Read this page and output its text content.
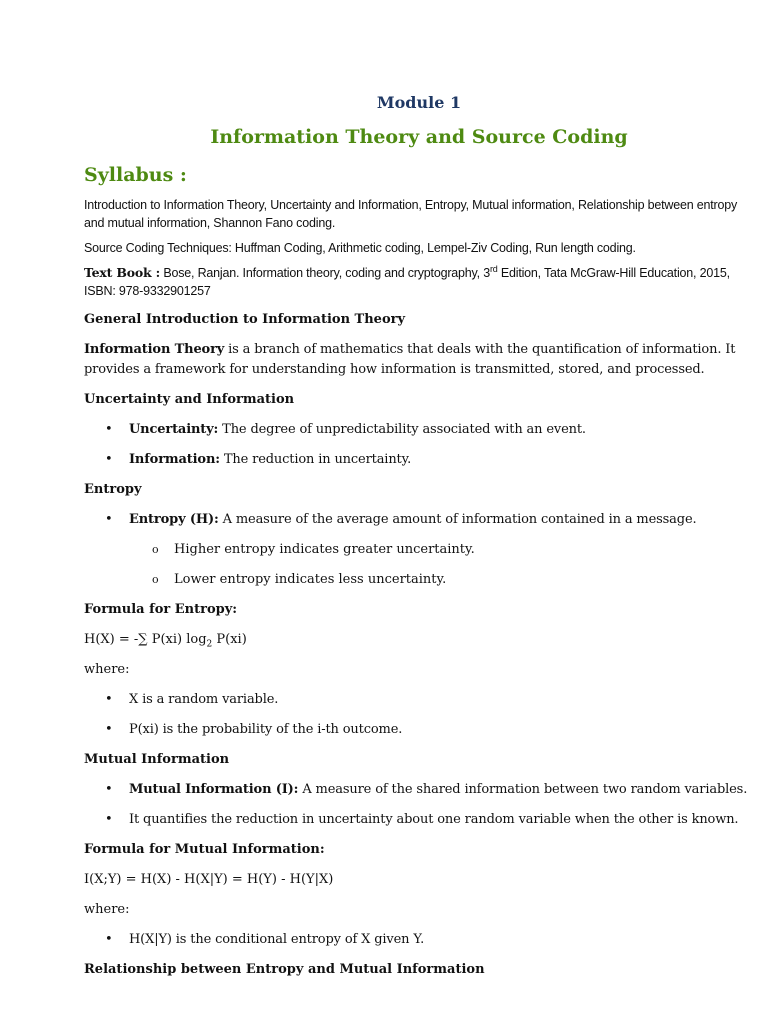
Module 1
Information Theory and Source Coding
Syllabus :

Introduction to Information Theory, Uncertainty and Information, Entropy, Mutual information, Relationship between entropy and mutual information, Shannon Fano coding.

Source Coding Techniques: Huffman Coding, Arithmetic coding, Lempel-Ziv Coding, Run length coding.

Text Book : Bose, Ranjan. Information theory, coding and cryptography, 3rd Edition, Tata McGraw-Hill Education, 2015, ISBN: 978-9332901257

General Introduction to Information Theory

Information Theory is a branch of mathematics that deals with the quantification of information. It provides a framework for understanding how information is transmitted, stored, and processed.

Uncertainty and Information
• Uncertainty: The degree of unpredictability associated with an event.
• Information: The reduction in uncertainty.
Entropy
• Entropy (H): A measure of the average amount of information contained in a message.
o Higher entropy indicates greater uncertainty.
o Lower entropy indicates less uncertainty.
Formula for Entropy:
H(X) = -∑ P(xi) $\log_2 P(xi)$
where:
• X is a random variable.
• P(xi) is the probability of the i-th outcome.
Mutual Information
• Mutual Information (I): A measure of the shared information between two random variables.
• It quantifies the reduction in uncertainty about one random variable when the other is known.
Formula for Mutual Information:
I(X;Y) = H(X) - H(X|Y) = H(Y) - H(Y|X)
where:
• H(X|Y) is the conditional entropy of X given Y.
Relationship between Entropy and Mutual Information
